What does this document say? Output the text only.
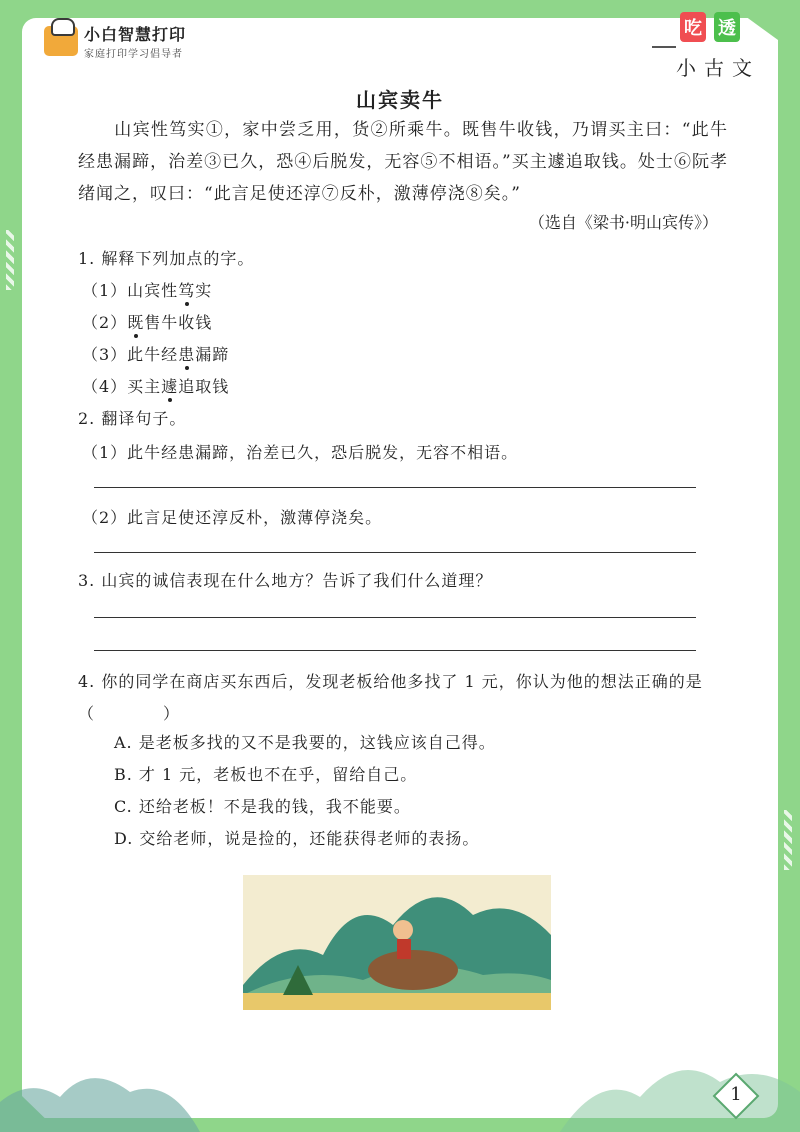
小白智慧打印
家庭打印学习倡导者
吃 透
小古文
山宾卖牛
山宾性笃实①，家中尝乏用，货②所乘牛。既售牛收钱，乃谓买主曰：“此牛经患漏蹄，治差③已久，恐④后脱发，无容⑤不相语。”买主遽追取钱。处士⑥阮孝绪闻之，叹曰：“此言足使还淳⑦反朴，激薄停浇⑧矣。”
（选自《梁书·明山宾传》）
1. 解释下列加点的字。
（1）山宾性笃实
（2）既售牛收钱
（3）此牛经患漏蹄
（4）买主遽追取钱
2. 翻译句子。
（1）此牛经患漏蹄，治差已久，恐后脱发，无容不相语。
（2）此言足使还淳反朴，激薄停浇矣。
3. 山宾的诚信表现在什么地方？告诉了我们什么道理？
4. 你的同学在商店买东西后，发现老板给他多找了 1 元，你认为他的想法正确的是（　　　　）
A. 是老板多找的又不是我要的，这钱应该自己得。
B. 才 1 元，老板也不在乎，留给自己。
C. 还给老板！不是我的钱，我不能要。
D. 交给老师，说是捡的，还能获得老师的表扬。
1
